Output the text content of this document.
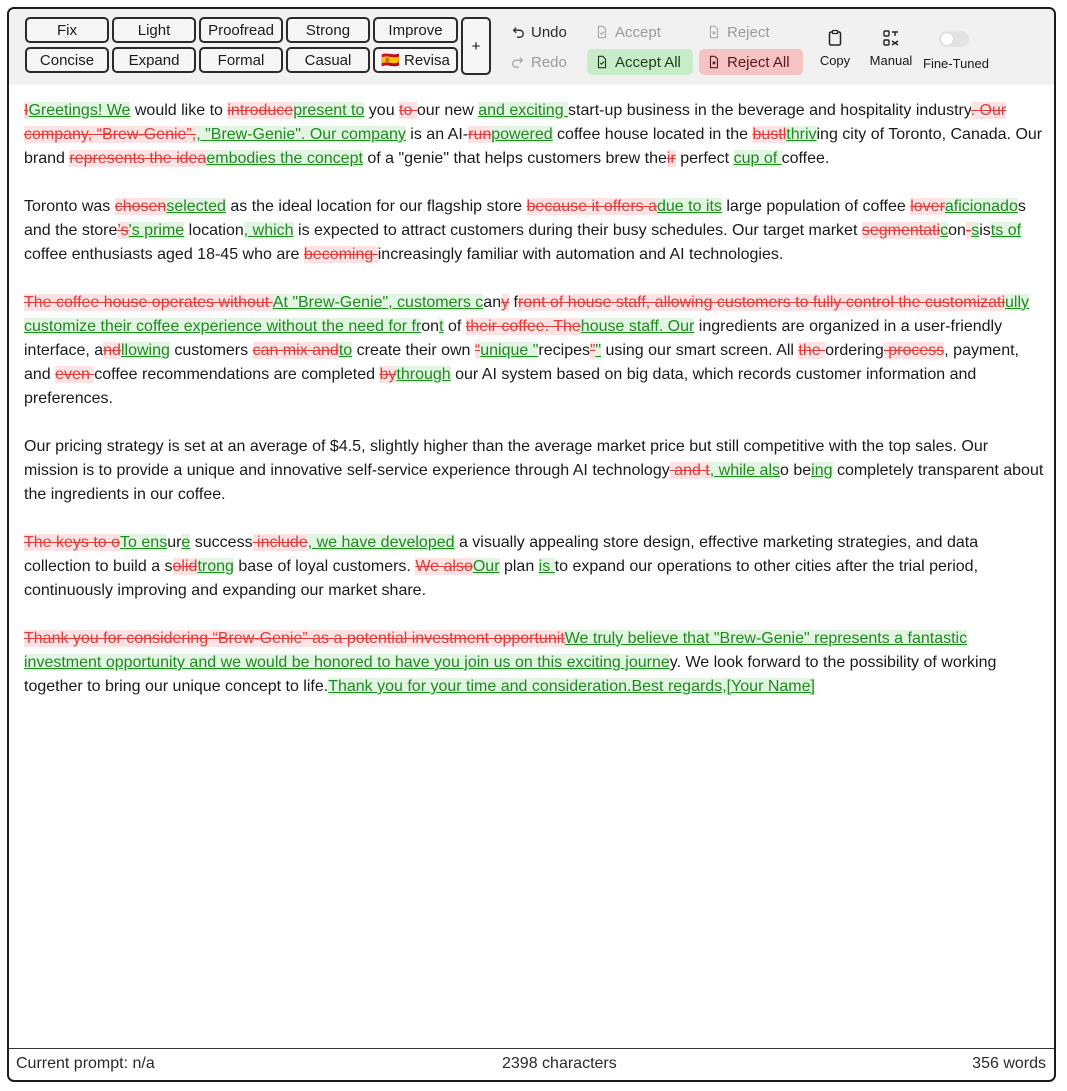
Fix	Light	Proofread	Strong	Improve
Concise	Expand	Formal	Casual	🇪🇸 Revisa
+
Undo
Redo
Accept
Accept All
Reject
Reject All Copy Manual Fine-Tuned

IGreetings! We would like to introducepresent to you to our new and exciting start-up business in the beverage and hospitality industry. Our company, “Brew-Genie”,, "Brew-Genie". Our company is an AI-runpowered coffee house located in the bustlthriving city of Toronto, Canada. Our brand represents the ideaembodies the concept of a "genie" that helps customers brew their perfect cup of coffee.

Toronto was chosenselected as the ideal location for our flagship store because it offers adue to its large population of coffee loveraficionados and the store’s's prime location, which is expected to attract customers during their busy schedules. Our target market segmentaticon-sists of coffee enthusiasts aged 18-45 who are becoming increasingly familiar with automation and AI technologies.

The coffee house operates without At "Brew-Genie", customers cany front of house staff, allowing customers to fully control the customizatiully customize their coffee experience without the need for front of their coffee. Thehouse staff. Our ingredients are organized in a user-friendly interface, andllowing customers can mix andto create their own “unique "recipes”" using our smart screen. All the ordering process, payment, and even coffee recommendations are completed bythrough our AI system based on big data, which records customer information and preferences.

Our pricing strategy is set at an average of $4.5, slightly higher than the average market price but still competitive with the top sales. Our mission is to provide a unique and innovative self-service experience through AI technology and t, while also being completely transparent about the ingredients in our coffee.

The keys to oTo ensure success include, we have developed a visually appealing store design, effective marketing strategies, and data collection to build a solidtrong base of loyal customers. We alsoOur plan is to expand our operations to other cities after the trial period, continuously improving and expanding our market share.

Thank you for considering “Brew-Genie” as a potential investment opportunitWe truly believe that "Brew-Genie" represents a fantastic investment opportunity and we would be honored to have you join us on this exciting journey. We look forward to the possibility of working together to bring our unique concept to life.Thank you for your time and consideration.Best regards,[Your Name]

Current prompt: n/a	2398 characters	356 words
